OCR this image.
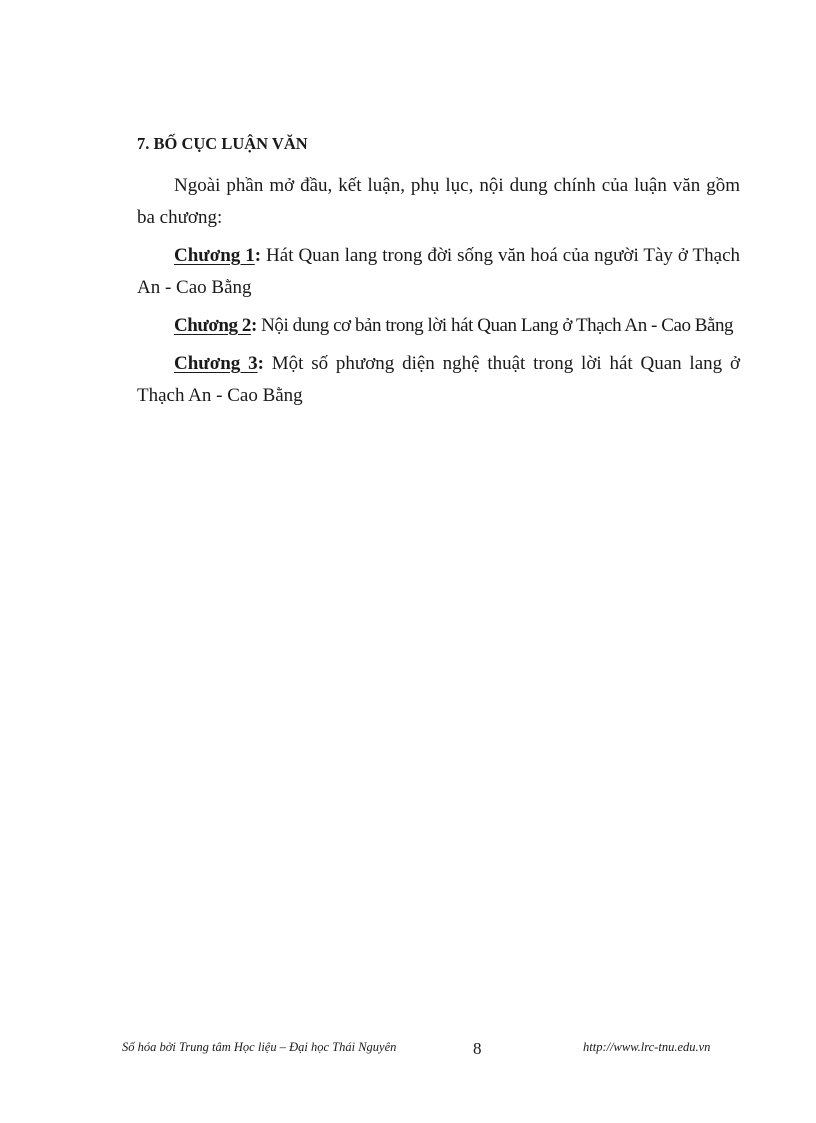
7. BỐ CỤC LUẬN VĂN

Ngoài phần mở đầu, kết luận, phụ lục, nội dung chính của luận văn gồm ba chương:

Chương 1: Hát Quan lang trong đời sống văn hoá của người Tày ở Thạch An - Cao Bằng

Chương 2: Nội dung cơ bản trong lời hát Quan Lang ở Thạch An - Cao Bằng

Chương 3: Một số phương diện nghệ thuật trong lời hát Quan lang ở Thạch An - Cao Bằng

Số hóa bởi Trung tâm Học liệu – Đại học Thái Nguyên	8	http://www.lrc-tnu.edu.vn
